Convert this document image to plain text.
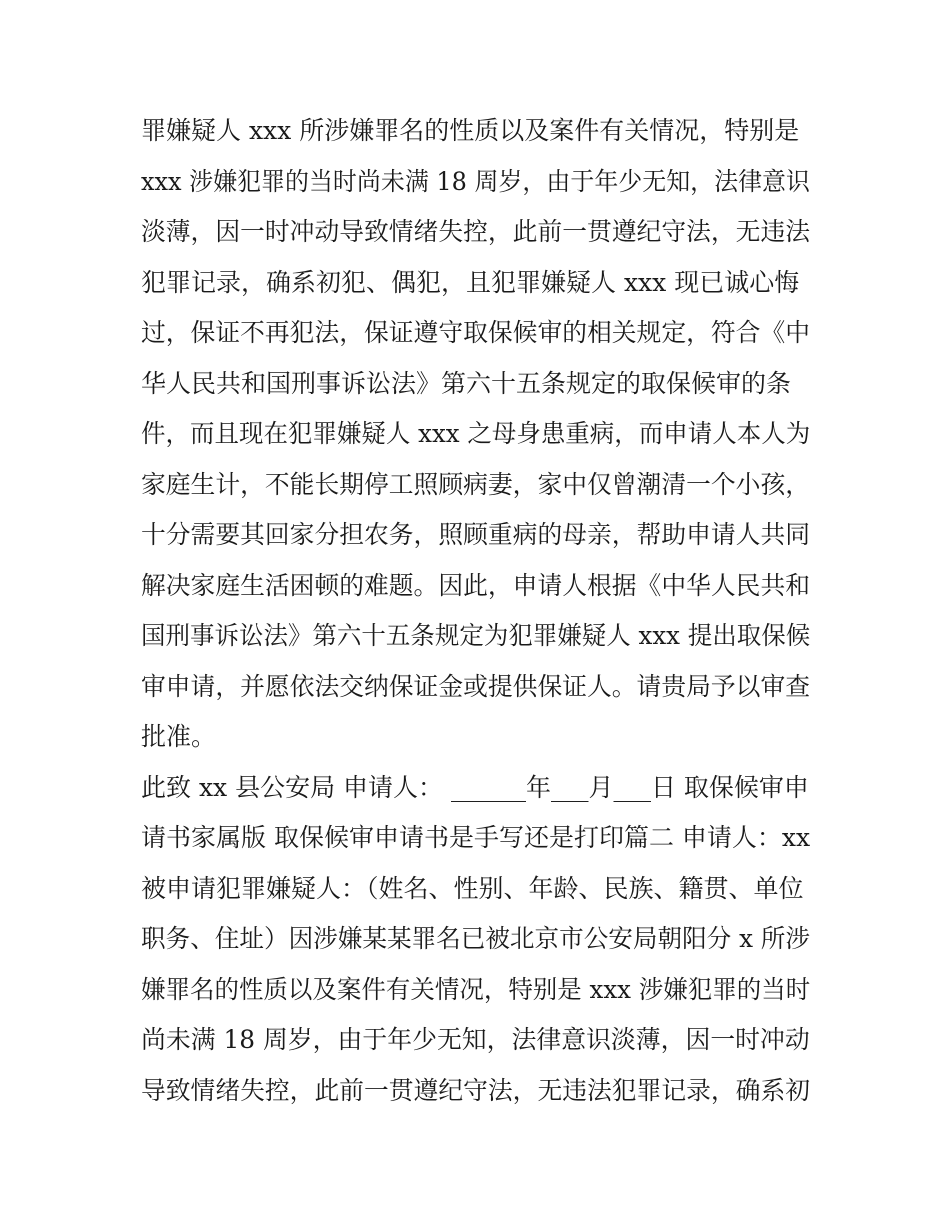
罪嫌疑人 xxx 所涉嫌罪名的性质以及案件有关情况，特别是

xxx 涉嫌犯罪的当时尚未满 18 周岁，由于年少无知，法律意识

淡薄，因一时冲动导致情绪失控，此前一贯遵纪守法，无违法

犯罪记录，确系初犯、偶犯，且犯罪嫌疑人 xxx 现已诚心悔

过，保证不再犯法，保证遵守取保候审的相关规定，符合《中

华人民共和国刑事诉讼法》第六十五条规定的取保候审的条

件，而且现在犯罪嫌疑人 xxx 之母身患重病，而申请人本人为

家庭生计，不能长期停工照顾病妻，家中仅曾潮清一个小孩，

十分需要其回家分担农务，照顾重病的母亲，帮助申请人共同

解决家庭生活困顿的难题。因此，申请人根据《中华人民共和

国刑事诉讼法》第六十五条规定为犯罪嫌疑人 xxx 提出取保候

审申请，并愿依法交纳保证金或提供保证人。请贵局予以审查

批准。

此致 xx 县公安局 申请人： ______年___月___日 取保候审申

请书家属版 取保候审申请书是手写还是打印篇二 申请人：xx

被申请犯罪嫌疑人：（姓名、性别、年龄、民族、籍贯、单位

职务、住址）因涉嫌某某罪名已被北京市公安局朝阳分 x 所涉

嫌罪名的性质以及案件有关情况，特别是 xxx 涉嫌犯罪的当时

尚未满 18 周岁，由于年少无知，法律意识淡薄，因一时冲动

导致情绪失控，此前一贯遵纪守法，无违法犯罪记录，确系初
